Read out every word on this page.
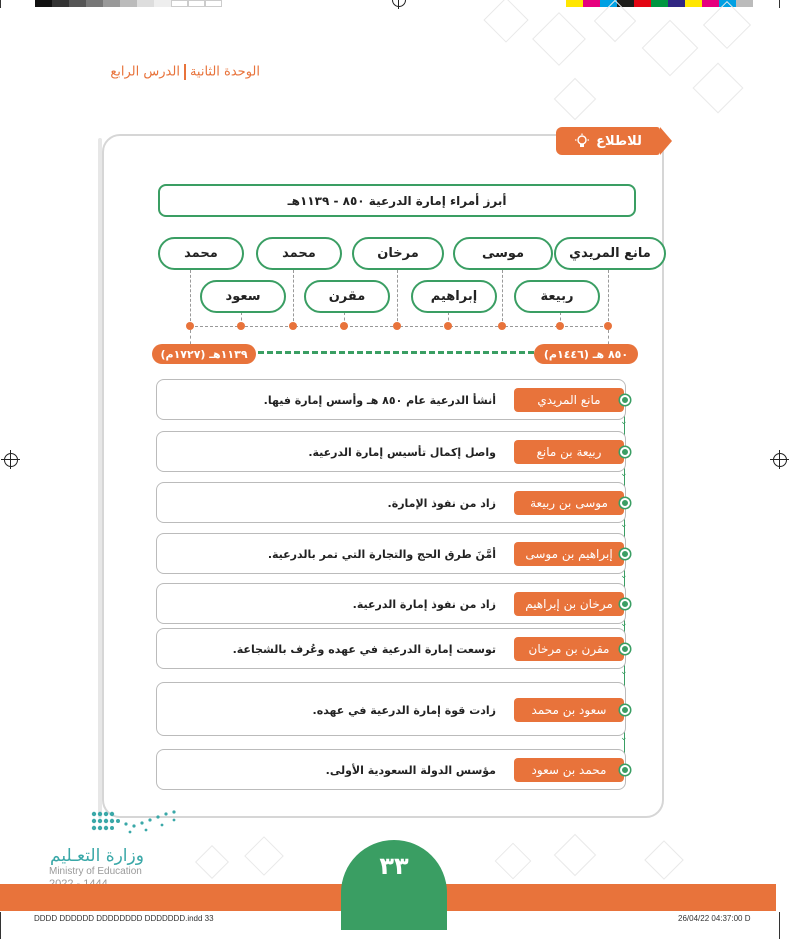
الوحدة الثانيةالدرس الرابع
للاطلاع
أبرز أمراء إمارة الدرعية ٨٥٠ - ١١٣٩هـ
مانع المريدي
موسى
مرخان
محمد
محمد
ربيعة
إبراهيم
مقرن
سعود
١١٣٩هـ (١٧٢٧م)	٨٥٠ هـ (١٤٤٦م)
مانع المريدي
أنشأ الدرعية عام ٨٥٠ هـ وأسس إمارة فيها.
ربيعة بن مانع
واصل إكمال تأسيس إمارة الدرعية.
موسى بن ربيعة
زاد من نفوذ الإمارة.
إبراهيم بن موسى
أمَّنَ طرق الحج والتجارة التي تمر بالدرعية.
مرخان بن إبراهيم
زاد من نفوذ إمارة الدرعية.
مقرن بن مرخان
توسعت إمارة الدرعية في عهده وعُرف بالشجاعة.
سعود بن محمد
زادت قوة إمارة الدرعية في عهده.
محمد بن سعود
مؤسس الدولة السعودية الأولى.
⌄
⌄
⌄
⌄
⌄
⌄
⌄
وزارة التعـليم
Ministry of Education	٣٣
DDDD DDDDDD DDDDDDDD DDDDDDD.indd 33	26/04/22 04:37:00 D
